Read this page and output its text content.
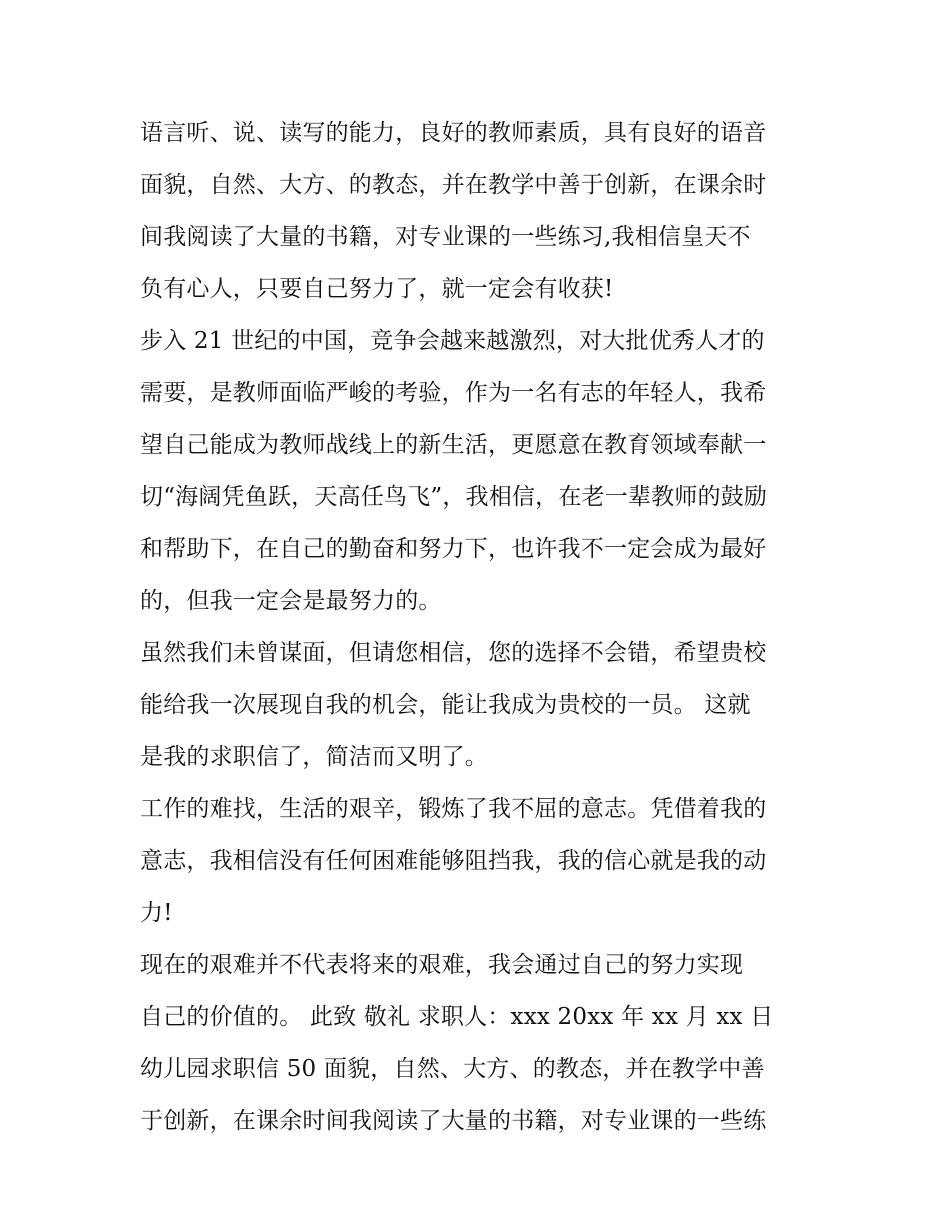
语言听、说、读写的能力，良好的教师素质，具有良好的语音
面貌，自然、大方、的教态，并在教学中善于创新，在课余时
间我阅读了大量的书籍，对专业课的一些练习,我相信皇天不
负有心人，只要自己努力了，就一定会有收获!
步入 21 世纪的中国，竞争会越来越激烈，对大批优秀人才的
需要，是教师面临严峻的考验，作为一名有志的年轻人，我希
望自己能成为教师战线上的新生活，更愿意在教育领域奉献一
切“海阔凭鱼跃，天高任鸟飞”，我相信，在老一辈教师的鼓励
和帮助下，在自己的勤奋和努力下，也许我不一定会成为最好
的，但我一定会是最努力的。
虽然我们未曾谋面，但请您相信，您的选择不会错，希望贵校
能给我一次展现自我的机会，能让我成为贵校的一员。 这就
是我的求职信了，简洁而又明了。
工作的难找，生活的艰辛，锻炼了我不屈的意志。凭借着我的
意志，我相信没有任何困难能够阻挡我，我的信心就是我的动
力!
现在的艰难并不代表将来的艰难，我会通过自己的努力实现
自己的价值的。 此致 敬礼 求职人：xxx 20xx 年 xx 月 xx 日
幼儿园求职信 50 面貌，自然、大方、的教态，并在教学中善
于创新，在课余时间我阅读了大量的书籍，对专业课的一些练
